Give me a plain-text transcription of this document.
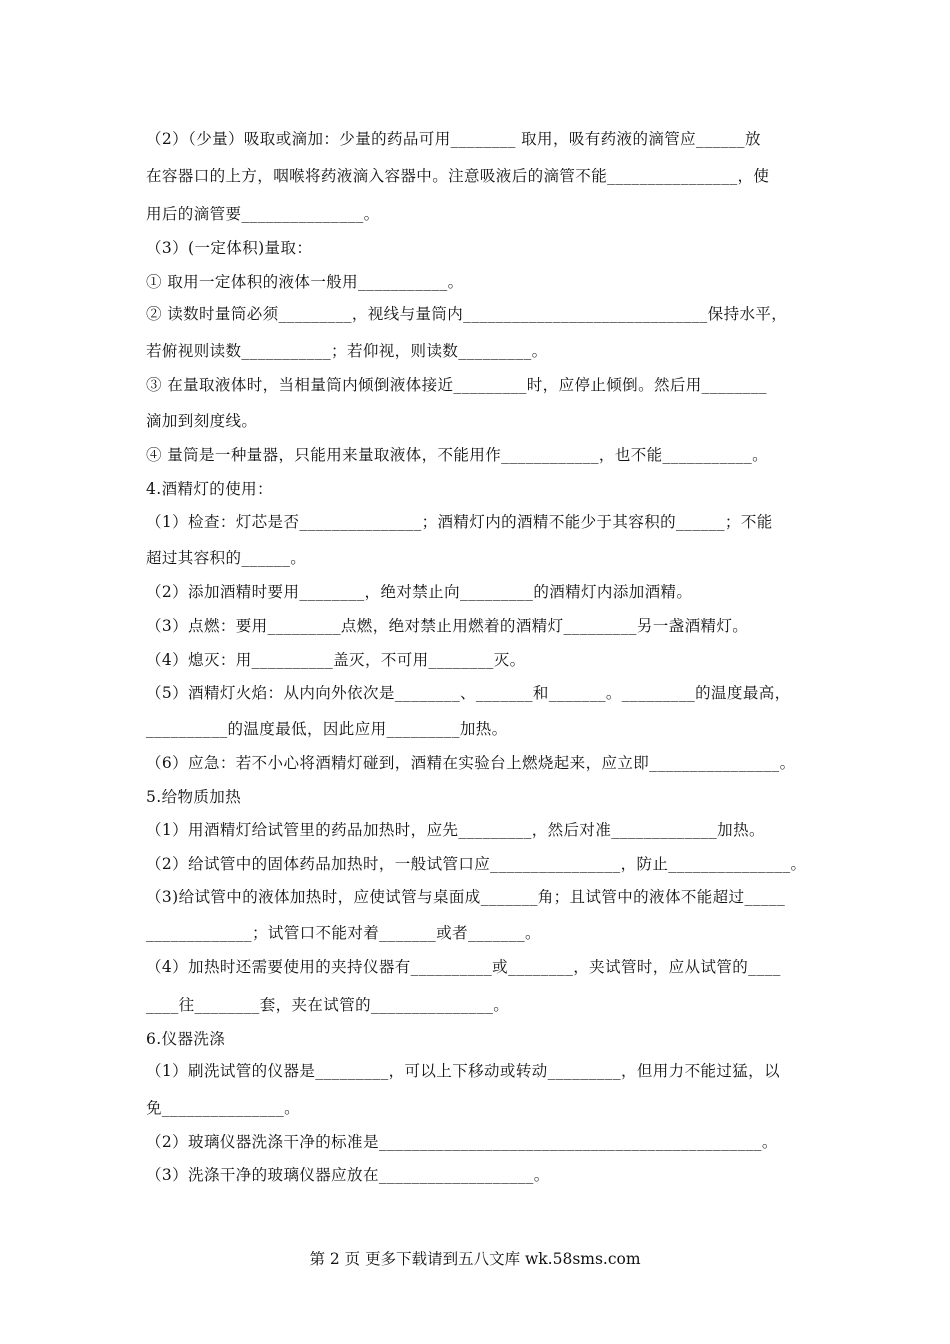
（2）（少量）吸取或滴加：少量的药品可用________ 取用，吸有药液的滴管应______放
在容器口的上方，咽喉将药液滴入容器中。注意吸液后的滴管不能________________，使
用后的滴管要_______________。
（3）(一定体积)量取：
① 取用一定体积的液体一般用___________。
② 读数时量筒必须_________，视线与量筒内______________________________保持水平，
若俯视则读数___________；若仰视，则读数_________。
③ 在量取液体时，当相量筒内倾倒液体接近_________时，应停止倾倒。然后用________
滴加到刻度线。
④ 量筒是一种量器，只能用来量取液体，不能用作____________，也不能___________。
4.酒精灯的使用：
（1）检查：灯芯是否_______________；酒精灯内的酒精不能少于其容积的______；不能
超过其容积的______。
（2）添加酒精时要用________，绝对禁止向_________的酒精灯内添加酒精。
（3）点燃：要用_________点燃，绝对禁止用燃着的酒精灯_________另一盏酒精灯。
（4）熄灭：用__________盖灭，不可用________灭。
（5）酒精灯火焰：从内向外依次是________、_______和_______。_________的温度最高，
__________的温度最低，因此应用_________加热。
（6）应急：若不小心将酒精灯碰到，酒精在实验台上燃烧起来，应立即________________。
5.给物质加热
（1）用酒精灯给试管里的药品加热时，应先_________，然后对准_____________加热。
（2）给试管中的固体药品加热时，一般试管口应________________，防止_______________。
（3)给试管中的液体加热时，应使试管与桌面成_______角；且试管中的液体不能超过_____
_____________；试管口不能对着_______或者_______。
（4）加热时还需要使用的夹持仪器有__________或________，夹试管时，应从试管的____
____往________套，夹在试管的_______________。
6.仪器洗涤
（1）刷洗试管的仪器是_________，可以上下移动或转动_________，但用力不能过猛，以
免_______________。
（2）玻璃仪器洗涤干净的标准是_______________________________________________。
（3）洗涤干净的玻璃仪器应放在___________________。
第 2 页 更多下载请到五八文库 wk.58sms.com
